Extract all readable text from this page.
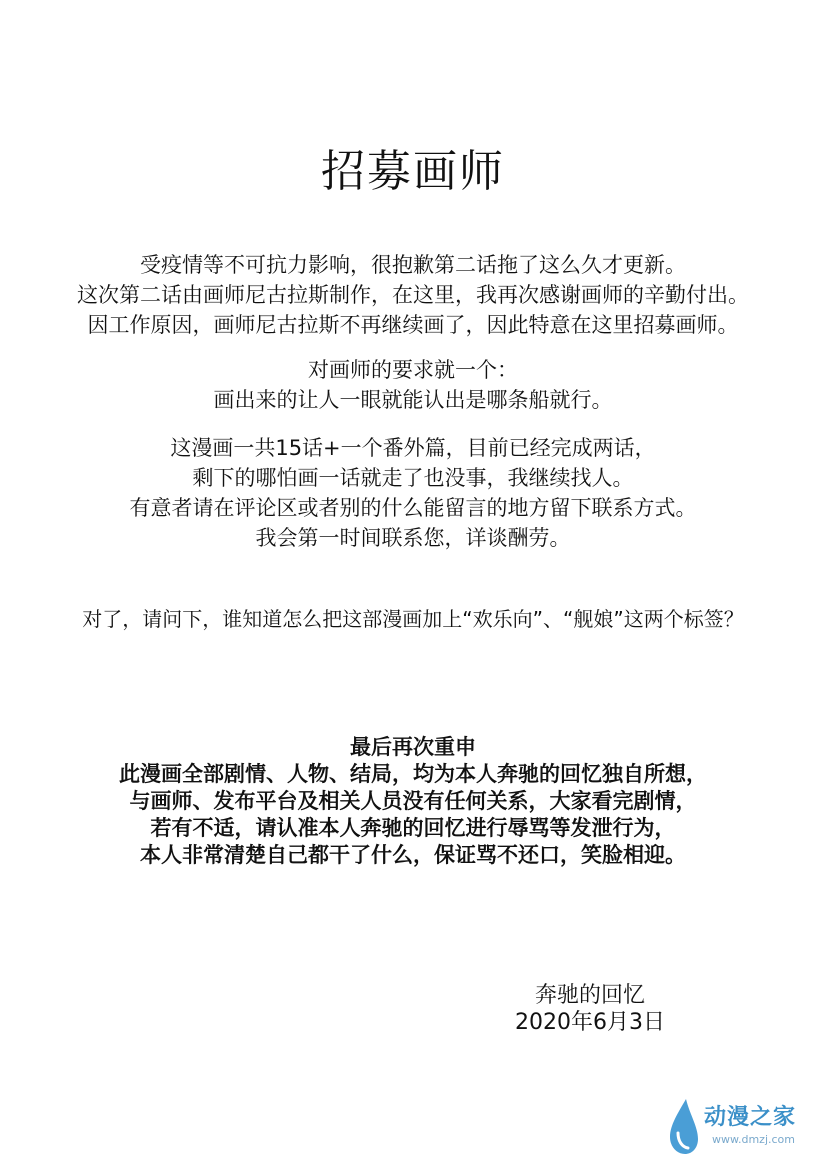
招募画师
受疫情等不可抗力影响，很抱歉第二话拖了这么久才更新。
这次第二话由画师尼古拉斯制作，在这里，我再次感谢画师的辛勤付出。
因工作原因，画师尼古拉斯不再继续画了，因此特意在这里招募画师。
对画师的要求就一个：
画出来的让人一眼就能认出是哪条船就行。
这漫画一共15话+一个番外篇，目前已经完成两话，
剩下的哪怕画一话就走了也没事，我继续找人。
有意者请在评论区或者别的什么能留言的地方留下联系方式。
我会第一时间联系您，详谈酬劳。
对了，请问下，谁知道怎么把这部漫画加上“欢乐向”、“舰娘”这两个标签？
最后再次重申
此漫画全部剧情、人物、结局，均为本人奔驰的回忆独自所想，
与画师、发布平台及相关人员没有任何关系，大家看完剧情，
若有不适，请认准本人奔驰的回忆进行辱骂等发泄行为，
本人非常清楚自己都干了什么，保证骂不还口，笑脸相迎。
奔驰的回忆
2020年6月3日
动漫之家
www.dmzj.com
